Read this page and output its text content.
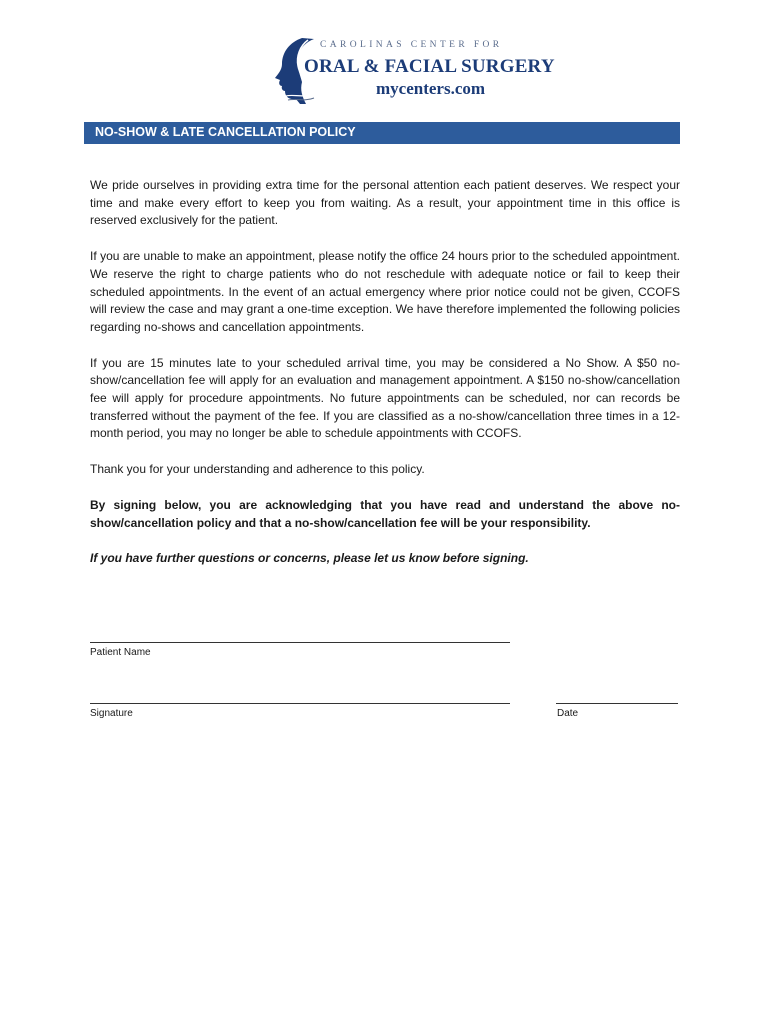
CAROLINAS CENTER FOR
ORAL & FACIAL SURGERY
mycenters.com
NO-SHOW & LATE CANCELLATION POLICY

We pride ourselves in providing extra time for the personal attention each patient deserves. We respect your time and make every effort to keep you from waiting. As a result, your appointment time in this office is reserved exclusively for the patient.

If you are unable to make an appointment, please notify the office 24 hours prior to the scheduled appointment. We reserve the right to charge patients who do not reschedule with adequate notice or fail to keep their scheduled appointments. In the event of an actual emergency where prior notice could not be given, CCOFS will review the case and may grant a one-time exception. We have therefore implemented the following policies regarding no-shows and cancellation appointments.

If you are 15 minutes late to your scheduled arrival time, you may be considered a No Show. A $50 no-show/cancellation fee will apply for an evaluation and management appointment. A $150 no-show/cancellation fee will apply for procedure appointments. No future appointments can be scheduled, nor can records be transferred without the payment of the fee. If you are classified as a no-show/cancellation three times in a 12-month period, you may no longer be able to schedule appointments with CCOFS.

Thank you for your understanding and adherence to this policy.

By signing below, you are acknowledging that you have read and understand the above no-show/cancellation policy and that a no-show/cancellation fee will be your responsibility.

If you have further questions or concerns, please let us know before signing.

Patient Name
Signature	Date
